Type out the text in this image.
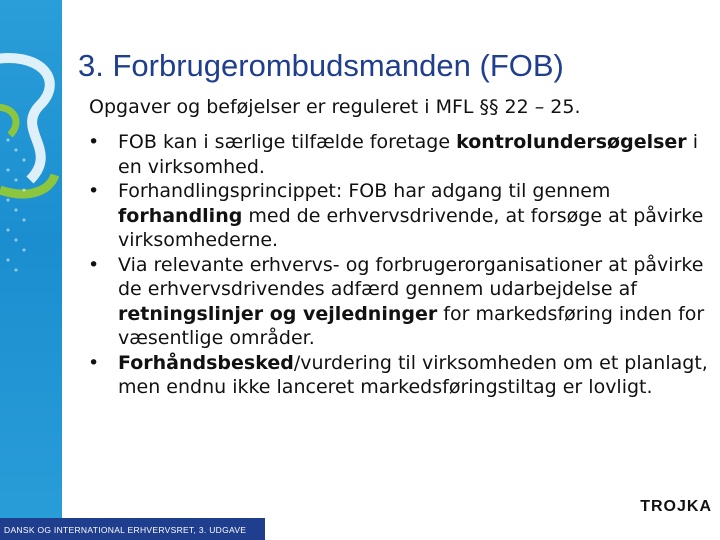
3. Forbrugerombudsmanden (FOB)
Opgaver og beføjelser er reguleret i MFL §§ 22 – 25.
• FOB kan i særlige tilfælde foretage kontrolundersøgelser i en virksomhed.
• Forhandlingsprincippet: FOB har adgang til gennem forhandling med de erhvervsdrivende, at forsøge at påvirke virksomhederne.
• Via relevante erhvervs- og forbrugerorganisationer at påvirke de erhvervsdrivendes adfærd gennem udarbejdelse af retningslinjer og vejledninger for markedsføring inden for væsentlige områder.
• Forhåndsbesked/vurdering til virksomheden om et planlagt, men endnu ikke lanceret markedsføringstiltag er lovligt.
TROJKA
DANSK OG INTERNATIONAL ERHVERVSRET, 3. UDGAVE
